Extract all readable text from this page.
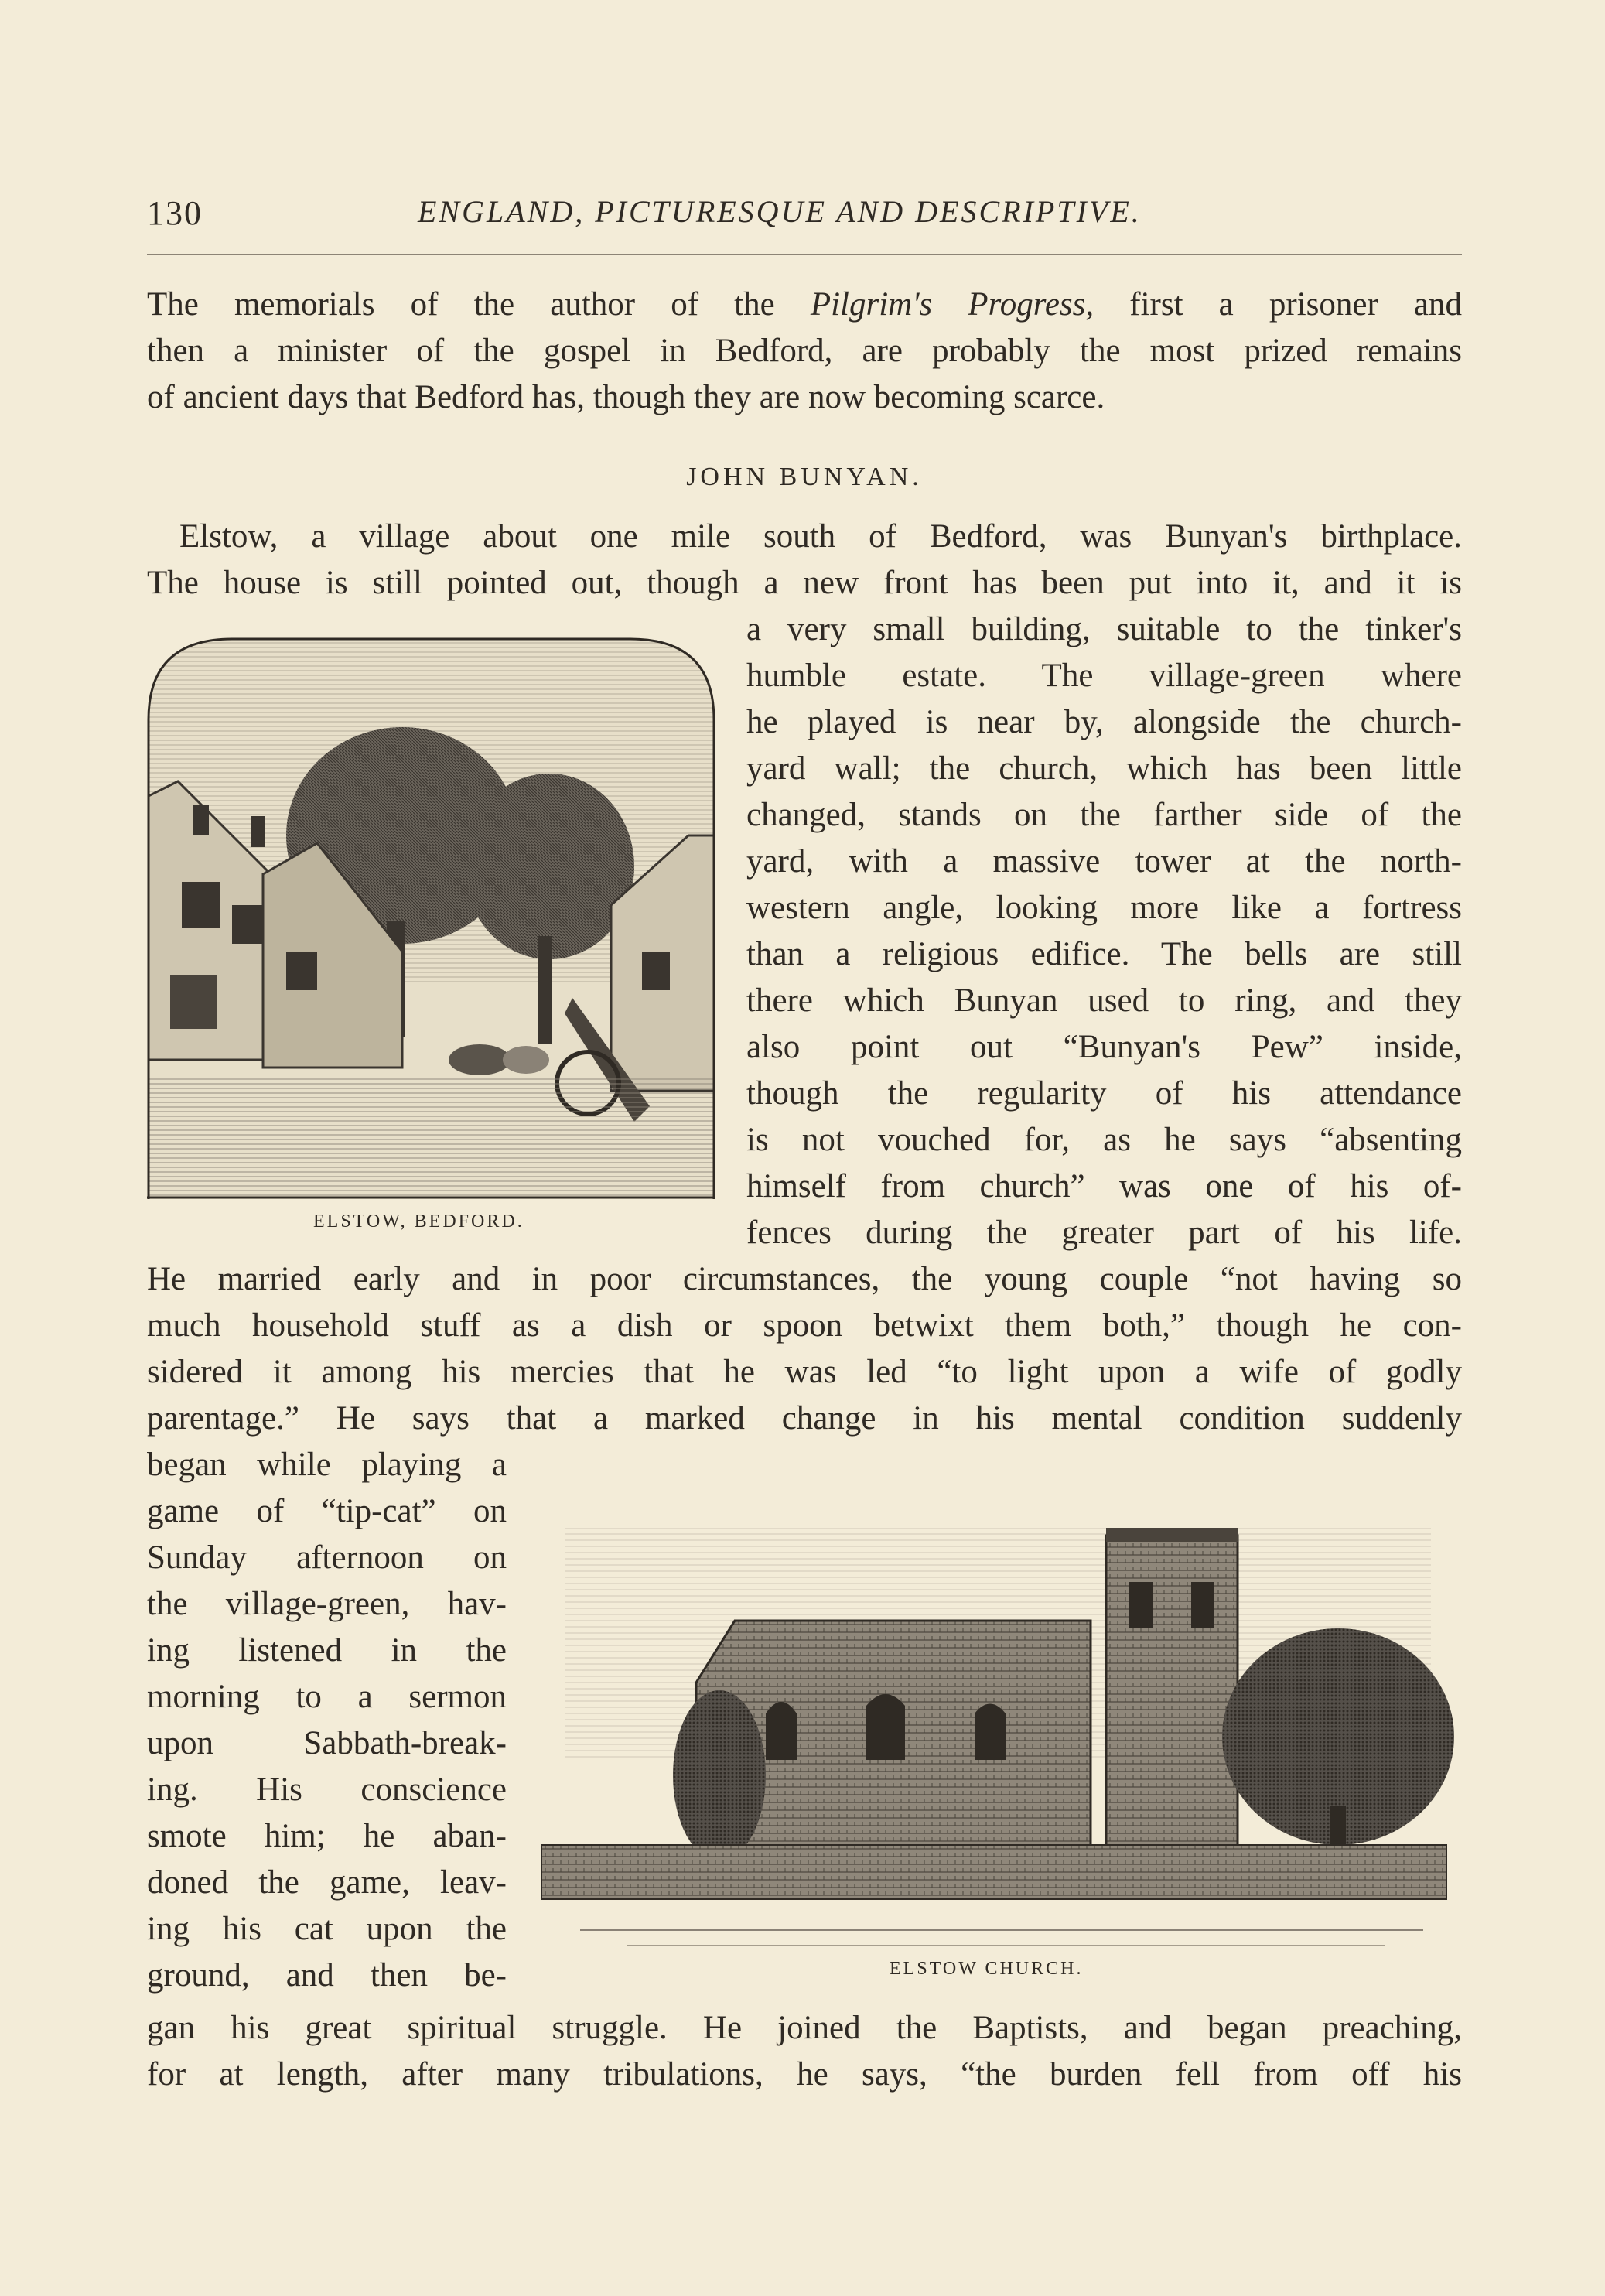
130	ENGLAND, PICTURESQUE AND DESCRIPTIVE.
The memorials of the author of the Pilgrim's Progress, first a prisoner and
then a minister of the gospel in Bedford, are probably the most prized remains
of ancient days that Bedford has, though they are now becoming scarce.
JOHN BUNYAN.
Elstow, a village about one mile south of Bedford, was Bunyan's birthplace.
The house is still pointed out, though a new front has been put into it, and it is
a very small building, suitable to the tinker's
humble estate. The village-green where
he played is near by, alongside the church-
yard wall; the church, which has been little
changed, stands on the farther side of the
yard, with a massive tower at the north-
western angle, looking more like a fortress
than a religious edifice. The bells are still
there which Bunyan used to ring, and they
also point out “Bunyan's Pew” inside,
though the regularity of his attendance
is not vouched for, as he says “absenting
himself from church” was one of his of-
fences during the greater part of his life.
He married early and in poor circumstances, the young couple “not having so
much household stuff as a dish or spoon betwixt them both,” though he con-
sidered it among his mercies that he was led “to light upon a wife of godly
parentage.” He says that a marked change in his mental condition suddenly
began while playing a
game of “tip-cat” on
Sunday afternoon on
the village-green, hav-
ing listened in the
morning to a sermon
upon Sabbath-break-
ing. His conscience
smote him; he aban-
doned the game, leav-
ing his cat upon the
ground, and then be-
gan his great spiritual struggle. He joined the Baptists, and began preaching,
for at length, after many tribulations, he says, “the burden fell from off his
ELSTOW, BEDFORD.
ELSTOW CHURCH.
